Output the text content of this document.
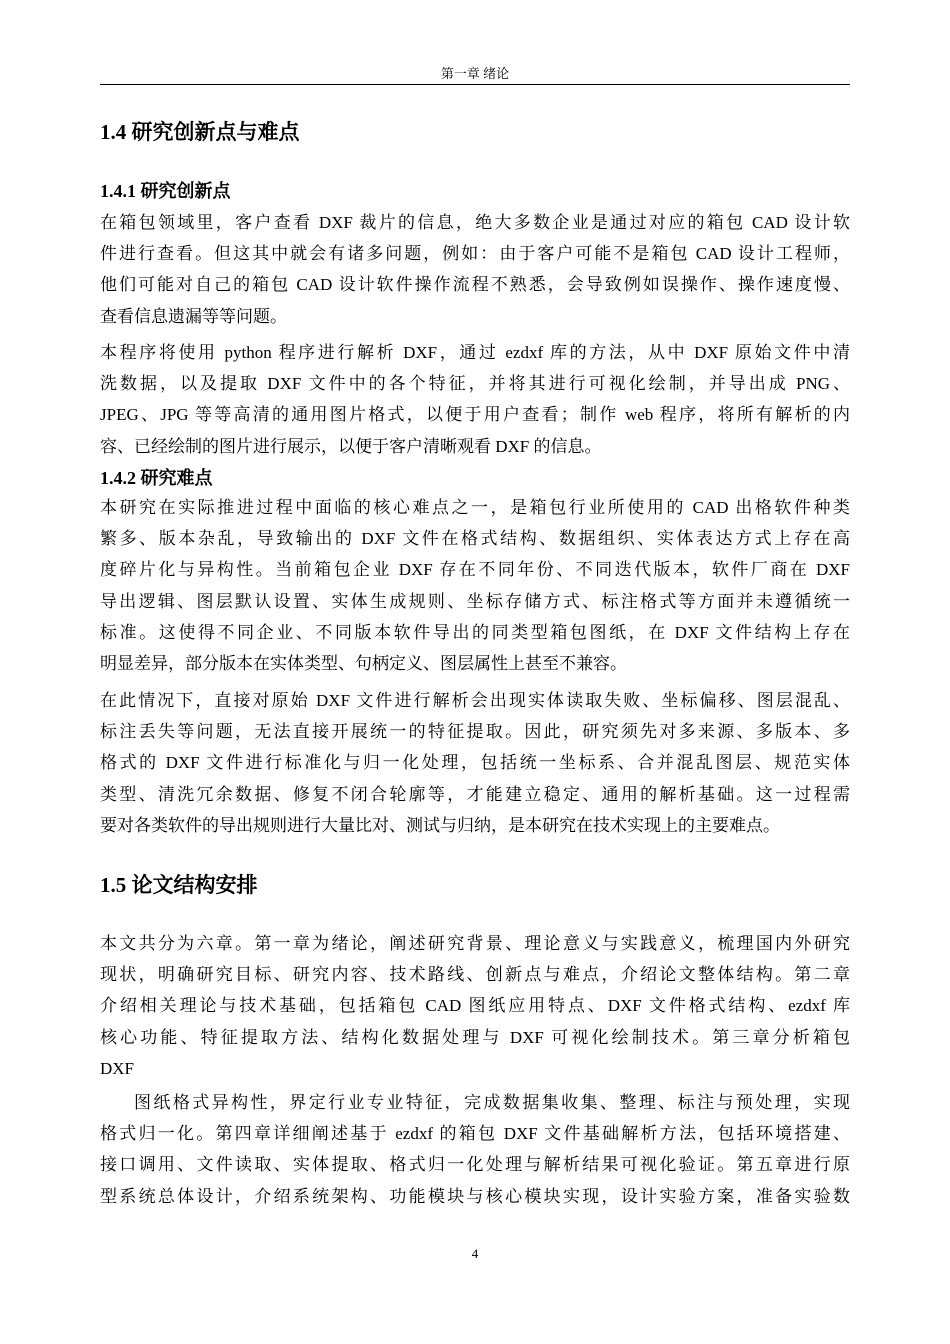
第一章 绪论
1.4 研究创新点与难点
1.4.1 研究创新点
在箱包领域里，客户查看 DXF 裁片的信息，绝大多数企业是通过对应的箱包 CAD 设计软
件进行查看。但这其中就会有诸多问题，例如：由于客户可能不是箱包 CAD 设计工程师，
他们可能对自己的箱包 CAD 设计软件操作流程不熟悉，会导致例如误操作、操作速度慢、
查看信息遗漏等等问题。
本程序将使用 python 程序进行解析 DXF，通过 ezdxf 库的方法，从中 DXF 原始文件中清
洗数据，以及提取 DXF 文件中的各个特征，并将其进行可视化绘制，并导出成 PNG、
JPEG、JPG 等等高清的通用图片格式，以便于用户查看；制作 web 程序，将所有解析的内
容、已经绘制的图片进行展示，以便于客户清晰观看 DXF 的信息。
1.4.2 研究难点
本研究在实际推进过程中面临的核心难点之一，是箱包行业所使用的 CAD 出格软件种类
繁多、版本杂乱，导致输出的 DXF 文件在格式结构、数据组织、实体表达方式上存在高
度碎片化与异构性。当前箱包企业 DXF 存在不同年份、不同迭代版本，软件厂商在 DXF
导出逻辑、图层默认设置、实体生成规则、坐标存储方式、标注格式等方面并未遵循统一
标准。这使得不同企业、不同版本软件导出的同类型箱包图纸，在 DXF 文件结构上存在
明显差异，部分版本在实体类型、句柄定义、图层属性上甚至不兼容。
在此情况下，直接对原始 DXF 文件进行解析会出现实体读取失败、坐标偏移、图层混乱、
标注丢失等问题，无法直接开展统一的特征提取。因此，研究须先对多来源、多版本、多
格式的 DXF 文件进行标准化与归一化处理，包括统一坐标系、合并混乱图层、规范实体
类型、清洗冗余数据、修复不闭合轮廓等，才能建立稳定、通用的解析基础。这一过程需
要对各类软件的导出规则进行大量比对、测试与归纳，是本研究在技术实现上的主要难点。
1.5 论文结构安排
本文共分为六章。第一章为绪论，阐述研究背景、理论意义与实践意义，梳理国内外研究
现状，明确研究目标、研究内容、技术路线、创新点与难点，介绍论文整体结构。第二章
介绍相关理论与技术基础，包括箱包 CAD 图纸应用特点、DXF 文件格式结构、ezdxf 库
核心功能、特征提取方法、结构化数据处理与 DXF 可视化绘制技术。第三章分析箱包
DXF
图纸格式异构性，界定行业专业特征，完成数据集收集、整理、标注与预处理，实现
格式归一化。第四章详细阐述基于 ezdxf 的箱包 DXF 文件基础解析方法，包括环境搭建、
接口调用、文件读取、实体提取、格式归一化处理与解析结果可视化验证。第五章进行原
型系统总体设计，介绍系统架构、功能模块与核心模块实现，设计实验方案，准备实验数
4
